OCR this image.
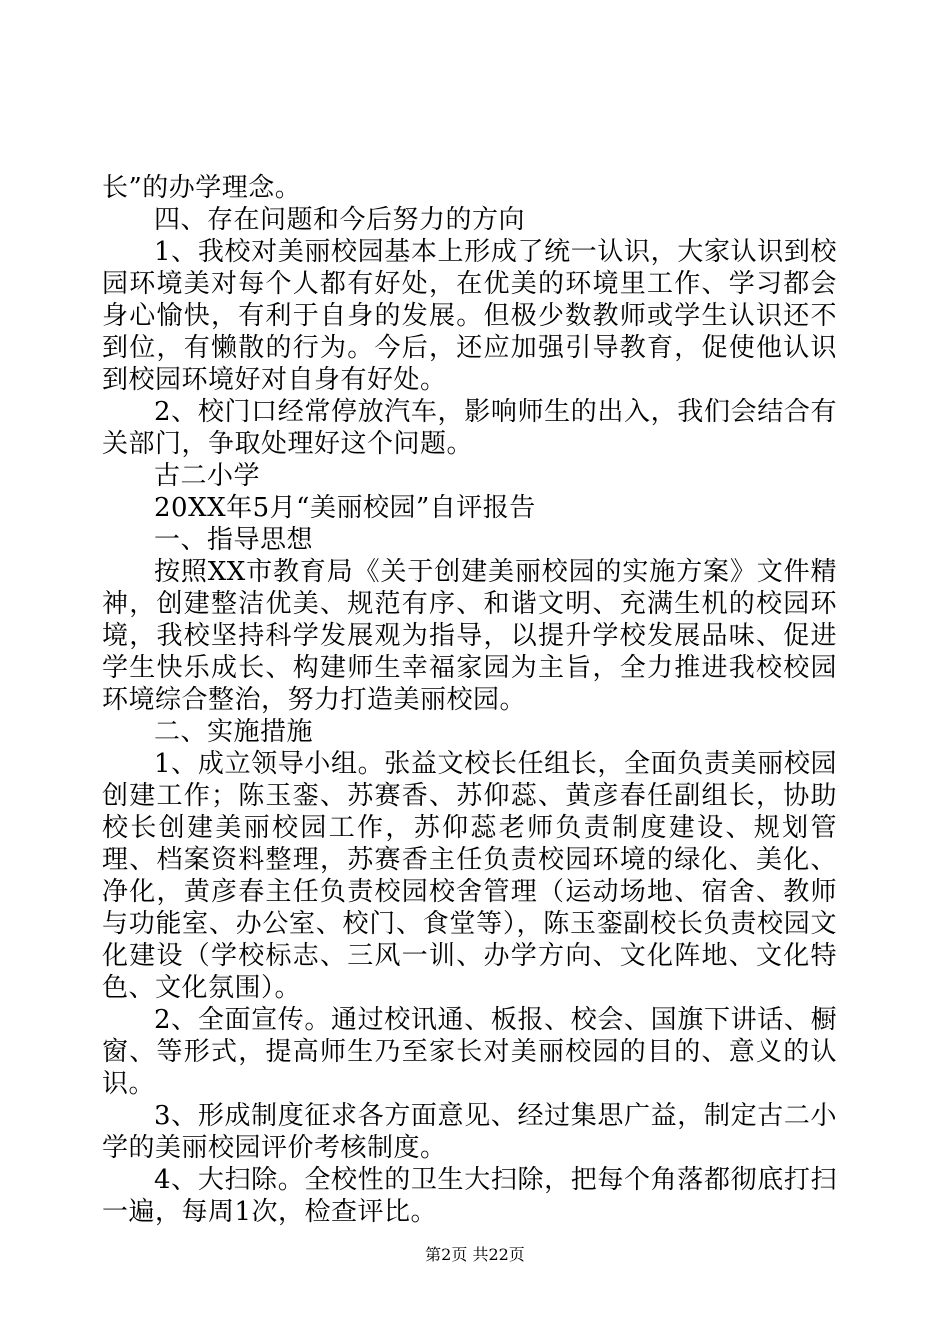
长”的办学理念。

四、存在问题和今后努力的方向

1、我校对美丽校园基本上形成了统一认识，大家认识到校园环境美对每个人都有好处，在优美的环境里工作、学习都会身心愉快，有利于自身的发展。但极少数教师或学生认识还不到位，有懒散的行为。今后，还应加强引导教育，促使他认识到校园环境好对自身有好处。

2、校门口经常停放汽车，影响师生的出入，我们会结合有关部门，争取处理好这个问题。

古二小学

20XX年5月“美丽校园”自评报告

一、指导思想

按照XX市教育局《关于创建美丽校园的实施方案》文件精神，创建整洁优美、规范有序、和谐文明、充满生机的校园环境，我校坚持科学发展观为指导，以提升学校发展品味、促进学生快乐成长、构建师生幸福家园为主旨，全力推进我校校园环境综合整治，努力打造美丽校园。

二、实施措施

1、成立领导小组。张益文校长任组长，全面负责美丽校园创建工作；陈玉銮、苏赛香、苏仰蕊、黄彦春任副组长，协助校长创建美丽校园工作，苏仰蕊老师负责制度建设、规划管理、档案资料整理，苏赛香主任负责校园环境的绿化、美化、净化，黄彦春主任负责校园校舍管理（运动场地、宿舍、教师与功能室、办公室、校门、食堂等），陈玉銮副校长负责校园文化建设（学校标志、三风一训、办学方向、文化阵地、文化特色、文化氛围）。

2、全面宣传。通过校讯通、板报、校会、国旗下讲话、橱窗、等形式，提高师生乃至家长对美丽校园的目的、意义的认识。

3、形成制度征求各方面意见、经过集思广益，制定古二小学的美丽校园评价考核制度。

4、大扫除。全校性的卫生大扫除，把每个角落都彻底打扫一遍，每周1次，检查评比。

第2页 共22页
